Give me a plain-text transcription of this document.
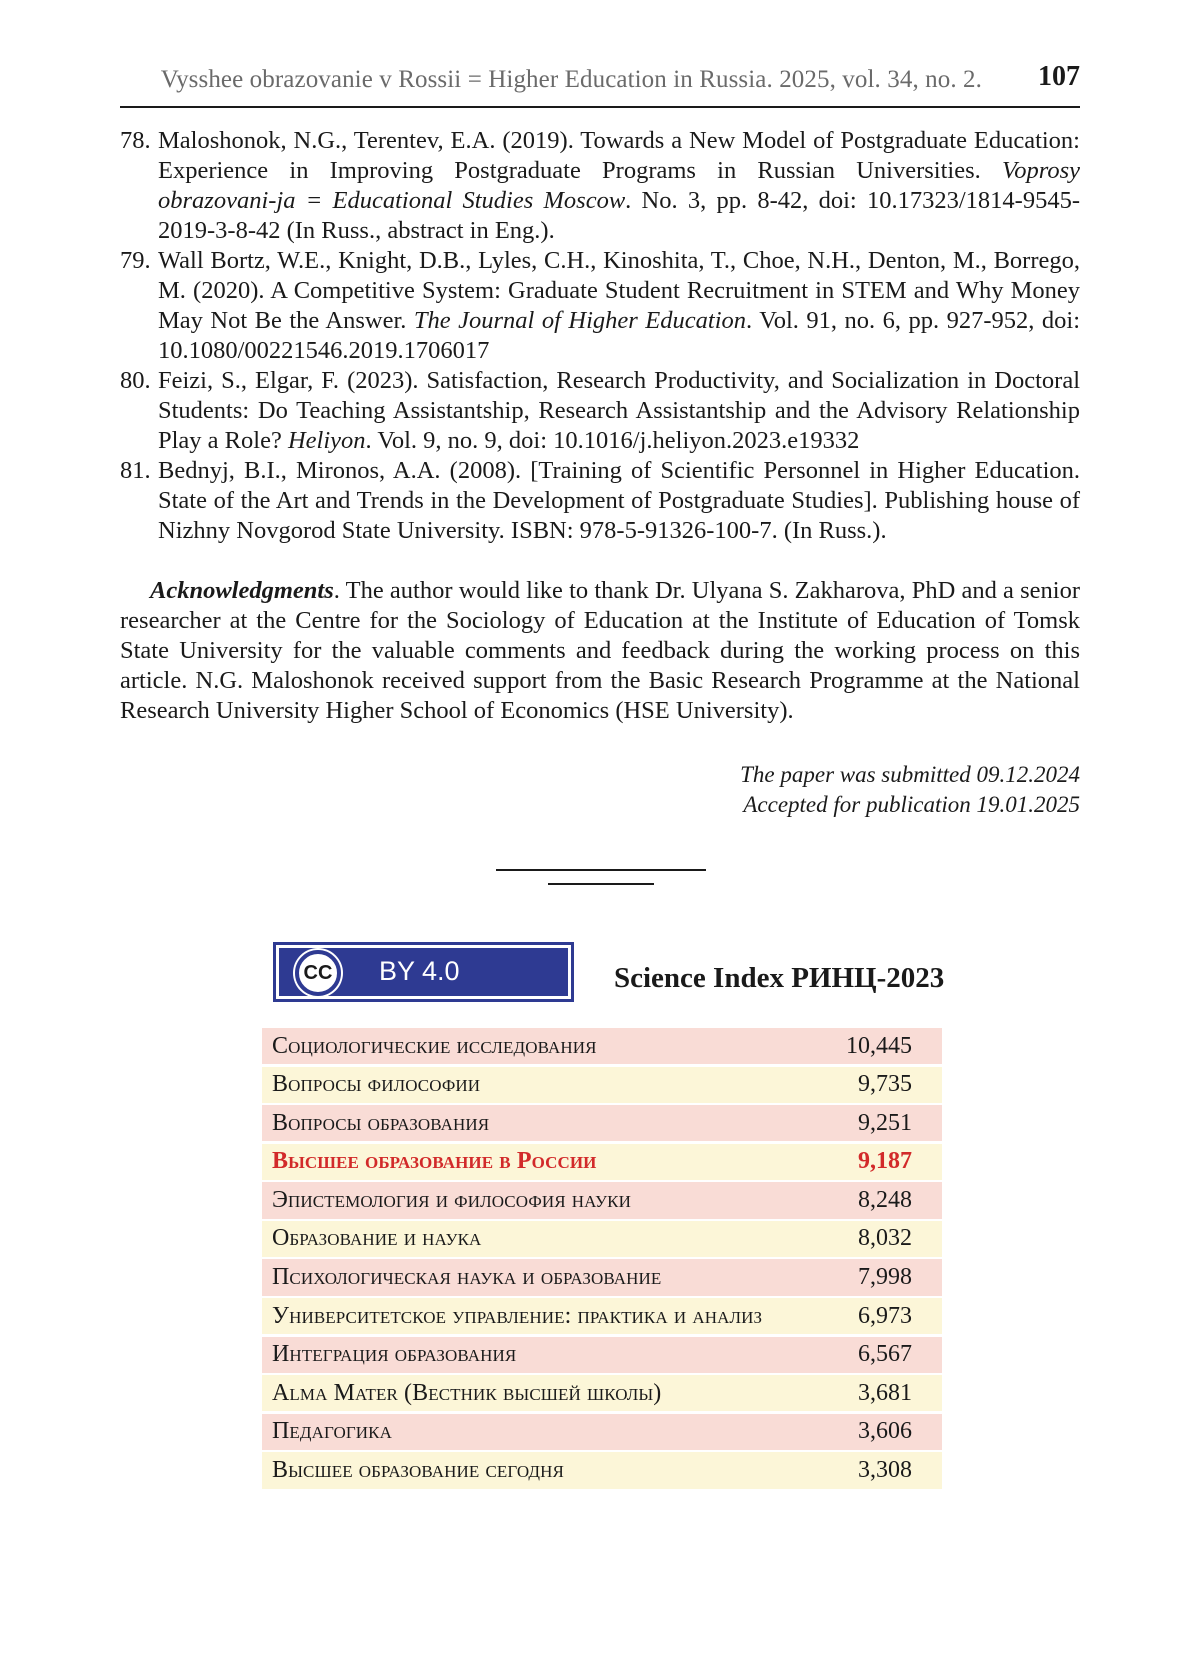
Vysshee obrazovanie v Rossii = Higher Education in Russia. 2025, vol. 34, no. 2. 107
78. Maloshonok, N.G., Terentev, E.A. (2019). Towards a New Model of Postgraduate Education: Experience in Improving Postgraduate Programs in Russian Universities. Voprosy obrazovani-ja = Educational Studies Moscow. No. 3, pp. 8-42, doi: 10.17323/1814-9545-2019-3-8-42 (In Russ., abstract in Eng.).
79. Wall Bortz, W.E., Knight, D.B., Lyles, C.H., Kinoshita, T., Choe, N.H., Denton, M., Borrego, M. (2020). A Competitive System: Graduate Student Recruitment in STEM and Why Money May Not Be the Answer. The Journal of Higher Education. Vol. 91, no. 6, pp. 927-952, doi: 10.1080/00221546.2019.1706017
80. Feizi, S., Elgar, F. (2023). Satisfaction, Research Productivity, and Socialization in Doctoral Students: Do Teaching Assistantship, Research Assistantship and the Advisory Relationship Play a Role? Heliyon. Vol. 9, no. 9, doi: 10.1016/j.heliyon.2023.e19332
81. Bednyj, B.I., Mironos, A.A. (2008). [Training of Scientific Personnel in Higher Education. State of the Art and Trends in the Development of Postgraduate Studies]. Publishing house of Nizhny Novgorod State University. ISBN: 978-5-91326-100-7. (In Russ.).

Acknowledgments. The author would like to thank Dr. Ulyana S. Zakharova, PhD and a senior researcher at the Centre for the Sociology of Education at the Institute of Education of Tomsk State University for the valuable comments and feedback during the working process on this article. N.G. Maloshonok received support from the Basic Research Programme at the National Research University Higher School of Economics (HSE University).

The paper was submitted 09.12.2024
Accepted for publication 19.01.2025
CC	BY 4.0	Science Index РИНЦ-2023
Социологические исследования	10,445
Вопросы философии	9,735
Вопросы образования	9,251
Высшее образование в России	9,187
Эпистемология и философия науки	8,248
Образование и наука	8,032
Психологическая наука и образование	7,998
Университетское управление: практика и анализ	6,973
Интеграция образования	6,567
Alma Mater (Вестник высшей школы)	3,681
Педагогика	3,606
Высшее образование сегодня	3,308
